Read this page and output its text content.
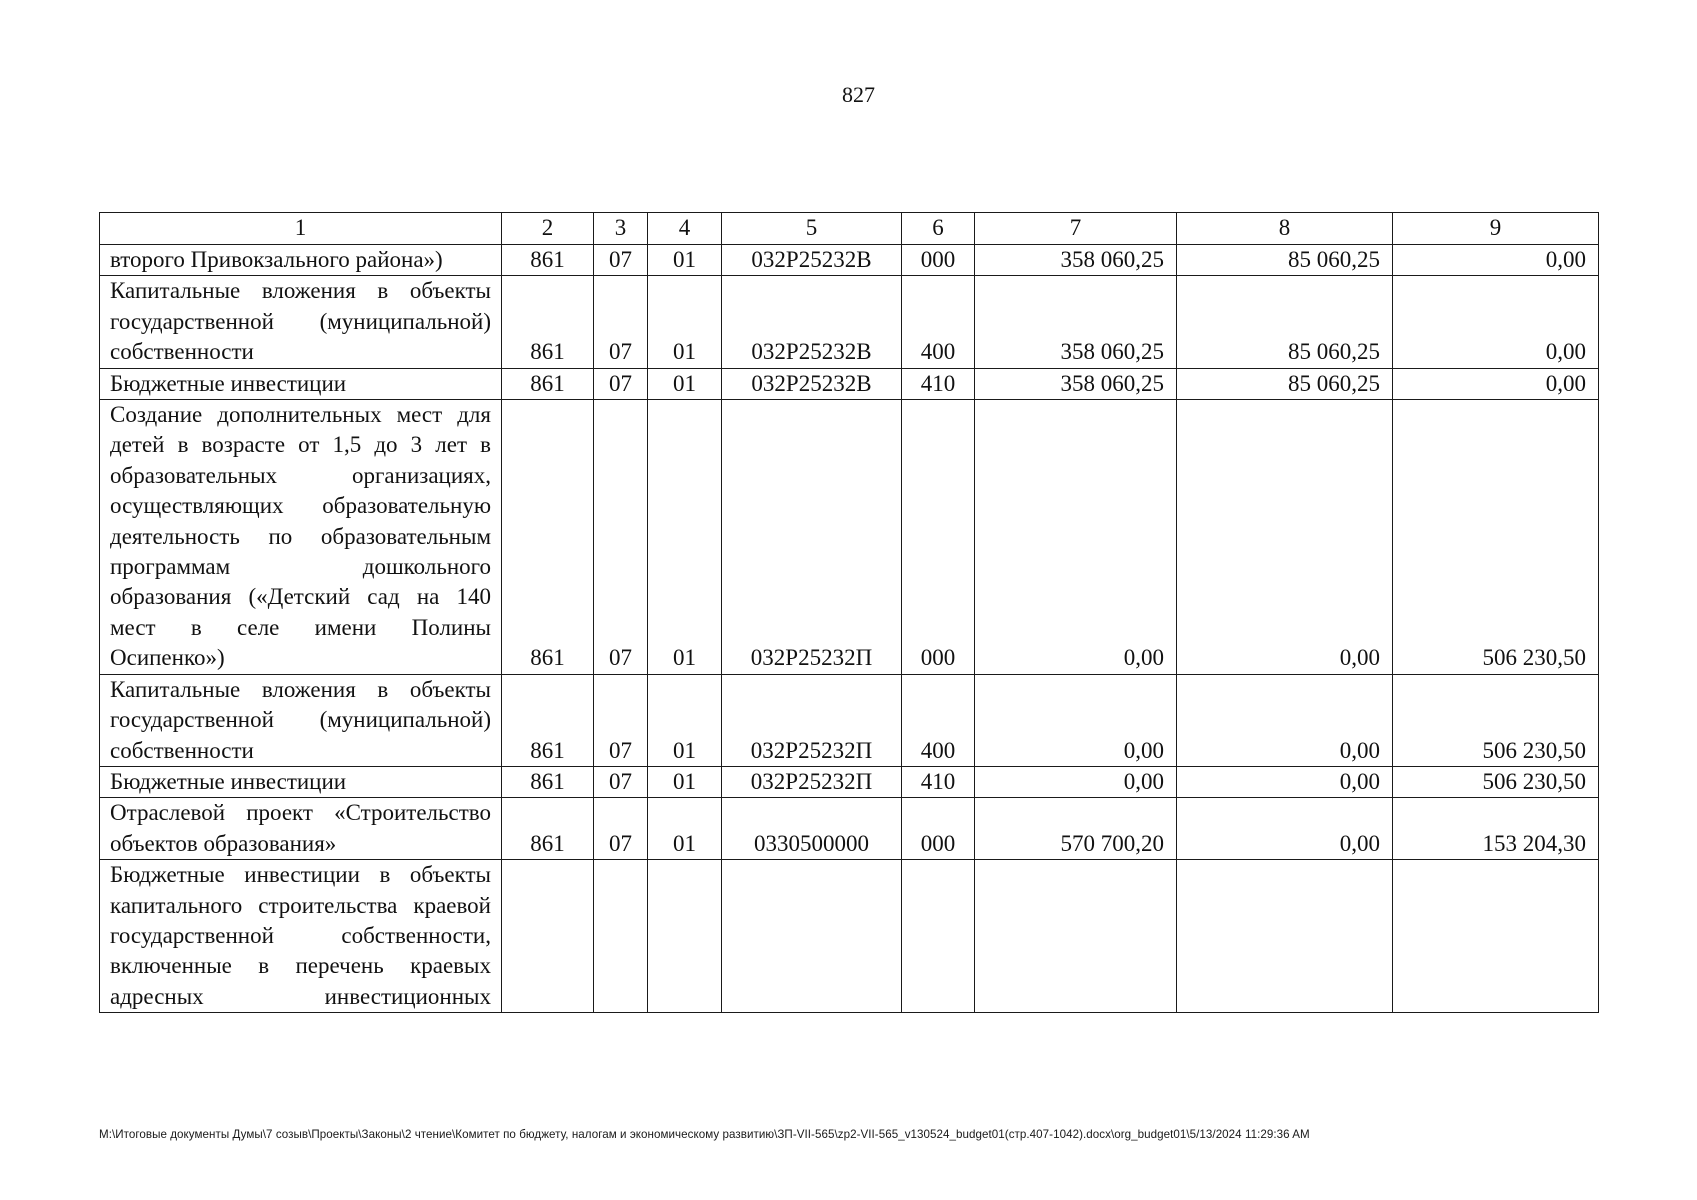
827
1	2	3	4	5	6	7	8	9
второго Привокзального района»)	861	07	01	032P25232B	000	358 060,25	85 060,25	0,00
Капитальные вложения в объекты государственной (муниципальной) собственности	861	07	01	032P25232B	400	358 060,25	85 060,25	0,00
Бюджетные инвестиции	861	07	01	032P25232B	410	358 060,25	85 060,25	0,00
Создание дополнительных мест для детей в возрасте от 1,5 до 3 лет в образовательных организациях, осуществляющих образовательную деятельность по образовательным программам дошкольного образования («Детский сад на 140 мест в селе имени Полины Осипенко»)	861	07	01	032P25232П	000	0,00	0,00	506 230,50
Капитальные вложения в объекты государственной (муниципальной) собственности	861	07	01	032P25232П	400	0,00	0,00	506 230,50
Бюджетные инвестиции	861	07	01	032P25232П	410	0,00	0,00	506 230,50
Отраслевой проект «Строительство объектов образования»	861	07	01	0330500000	000	570 700,20	0,00	153 204,30
Бюджетные инвестиции в объекты капитального строительства краевой государственной собственности, включенные в перечень краевых адресных инвестиционных								
M:\Итоговые документы Думы\7 созыв\Проекты\Законы\2 чтение\Комитет по бюджету, налогам и экономическому развитию\ЗП-VII-565\zp2-VII-565_v130524_budget01(стр.407-1042).docx\org_budget01\5/13/2024 11:29:36 AM
